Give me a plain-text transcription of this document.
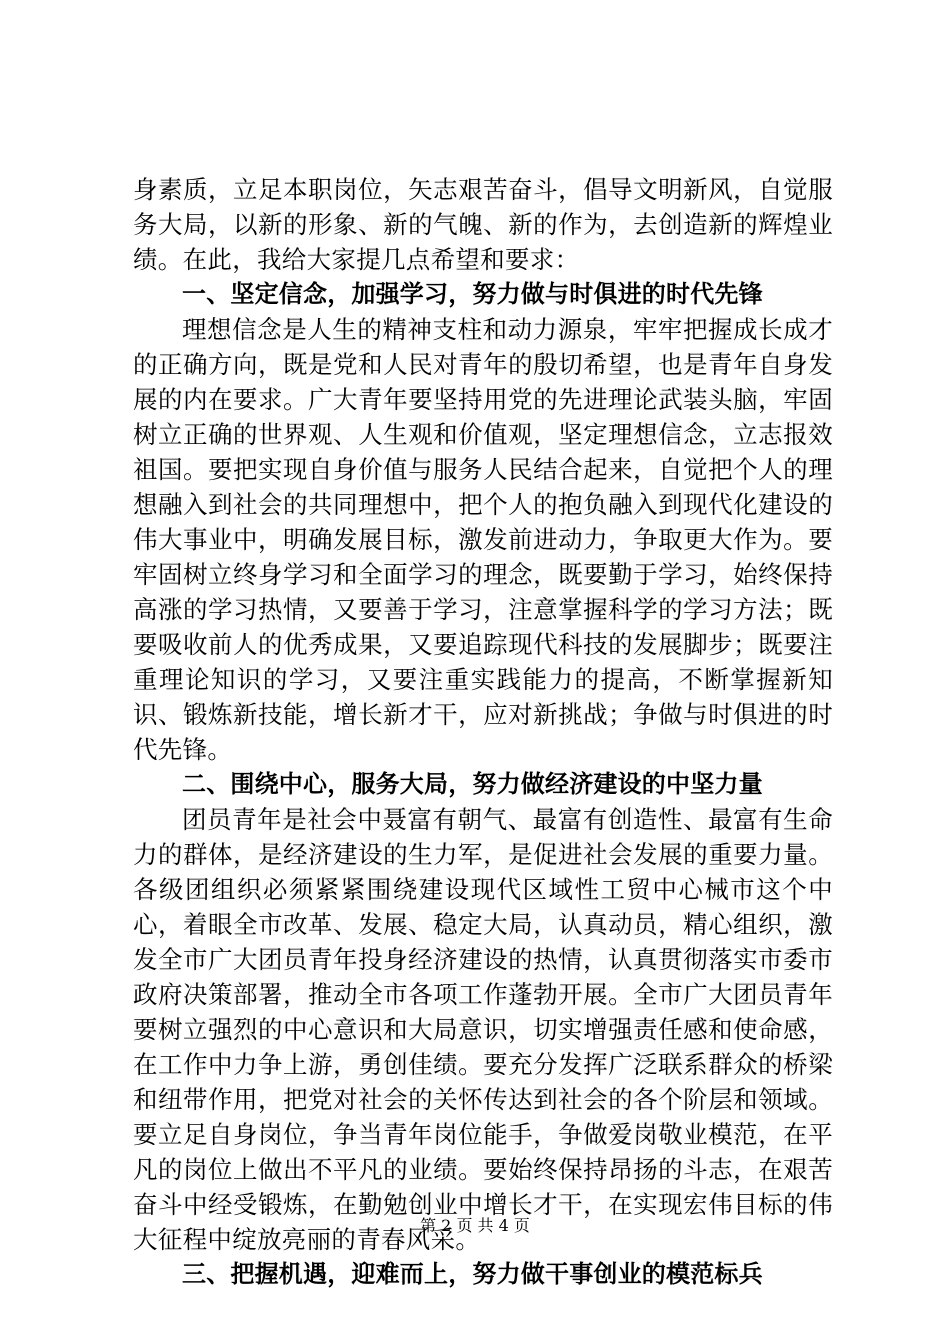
身素质，立足本职岗位，矢志艰苦奋斗，倡导文明新风，自觉服务大局，以新的形象、新的气魄、新的作为，去创造新的辉煌业绩。在此，我给大家提几点希望和要求：

一、坚定信念，加强学习，努力做与时俱进的时代先锋

理想信念是人生的精神支柱和动力源泉，牢牢把握成长成才的正确方向，既是党和人民对青年的殷切希望，也是青年自身发展的内在要求。广大青年要坚持用党的先进理论武装头脑，牢固树立正确的世界观、人生观和价值观，坚定理想信念，立志报效祖国。要把实现自身价值与服务人民结合起来，自觉把个人的理想融入到社会的共同理想中，把个人的抱负融入到现代化建设的伟大事业中，明确发展目标，激发前进动力，争取更大作为。要牢固树立终身学习和全面学习的理念，既要勤于学习，始终保持高涨的学习热情，又要善于学习，注意掌握科学的学习方法；既要吸收前人的优秀成果，又要追踪现代科技的发展脚步；既要注重理论知识的学习，又要注重实践能力的提高，不断掌握新知识、锻炼新技能，增长新才干，应对新挑战；争做与时俱进的时代先锋。

二、围绕中心，服务大局，努力做经济建设的中坚力量

团员青年是社会中聂富有朝气、最富有创造性、最富有生命力的群体，是经济建设的生力军，是促进社会发展的重要力量。各级团组织必须紧紧围绕建设现代区域性工贸中心械市这个中心，着眼全市改革、发展、稳定大局，认真动员，精心组织，激发全市广大团员青年投身经济建设的热情，认真贯彻落实市委市政府决策部署，推动全市各项工作蓬勃开展。全市广大团员青年要树立强烈的中心意识和大局意识，切实增强责任感和使命感，在工作中力争上游，勇创佳绩。要充分发挥广泛联系群众的桥梁和纽带作用，把党对社会的关怀传达到社会的各个阶层和领域。要立足自身岗位，争当青年岗位能手，争做爱岗敬业模范，在平凡的岗位上做出不平凡的业绩。要始终保持昂扬的斗志，在艰苦奋斗中经受锻炼，在勤勉创业中增长才干，在实现宏伟目标的伟大征程中绽放亮丽的青春风采。

三、把握机遇，迎难而上，努力做干事创业的模范标兵

第 2 页 共 4 页
